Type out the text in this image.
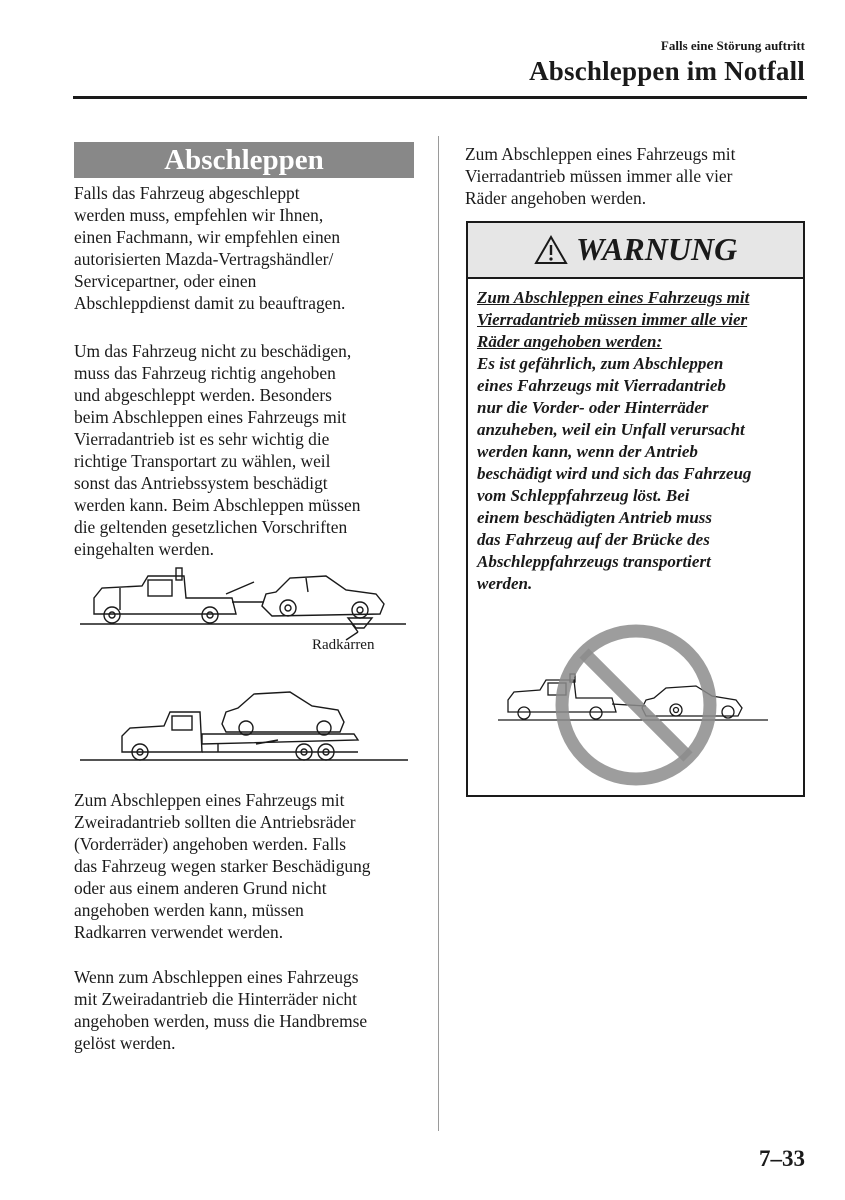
Falls eine Störung auftritt
Abschleppen im Notfall
Abschleppen

Falls das Fahrzeug abgeschleppt
werden muss, empfehlen wir Ihnen,
einen Fachmann, wir empfehlen einen
autorisierten Mazda-Vertragshändler/
Servicepartner, oder einen
Abschleppdienst damit zu beauftragen.

Um das Fahrzeug nicht zu beschädigen,
muss das Fahrzeug richtig angehoben
und abgeschleppt werden. Besonders
beim Abschleppen eines Fahrzeugs mit
Vierradantrieb ist es sehr wichtig die
richtige Transportart zu wählen, weil
sonst das Antriebssystem beschädigt
werden kann. Beim Abschleppen müssen
die geltenden gesetzlichen Vorschriften
eingehalten werden.

Radkarren

Zum Abschleppen eines Fahrzeugs mit
Zweiradantrieb sollten die Antriebsräder
(Vorderräder) angehoben werden. Falls
das Fahrzeug wegen starker Beschädigung
oder aus einem anderen Grund nicht
angehoben werden kann, müssen
Radkarren verwendet werden.

Wenn zum Abschleppen eines Fahrzeugs
mit Zweiradantrieb die Hinterräder nicht
angehoben werden, muss die Handbremse
gelöst werden.

Zum Abschleppen eines Fahrzeugs mit
Vierradantrieb müssen immer alle vier
Räder angehoben werden.

WARNUNG

Zum Abschleppen eines Fahrzeugs mit
Vierradantrieb müssen immer alle vier
Räder angehoben werden:
Es ist gefährlich, zum Abschleppen
eines Fahrzeugs mit Vierradantrieb
nur die Vorder- oder Hinterräder
anzuheben, weil ein Unfall verursacht
werden kann, wenn der Antrieb
beschädigt wird und sich das Fahrzeug
vom Schleppfahrzeug löst. Bei
einem beschädigten Antrieb muss
das Fahrzeug auf der Brücke des
Abschleppfahrzeugs transportiert
werden.

7–33
